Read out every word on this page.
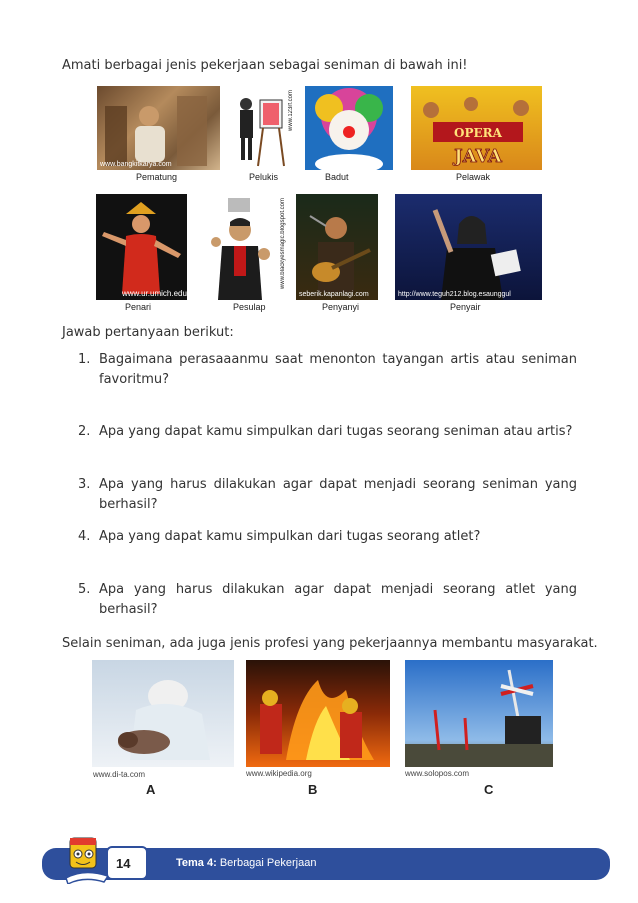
Amati berbagai jenis pekerjaan sebagai seniman di bawah ini!
www.bangkitkarya.com
Pematung
www.123rf.com
Pelukis	Badut
OPERA
JAVA
Pelawak
www.ur.umich.edu
Penari
www.blackyesmagic.blogspot.com
Pesulap
seberik.kapanlagi.com
Penyanyi
http://www.teguh212.blog.esaunggul
Penyair
Jawab pertanyaan berikut:
1. Bagaimana perasaaanmu saat menonton tayangan artis atau seniman favoritmu?
2. Apa yang dapat kamu simpulkan dari tugas seorang seniman atau artis?
3. Apa yang harus dilakukan agar dapat menjadi seorang seniman yang berhasil?
4. Apa yang dapat kamu simpulkan dari tugas seorang atlet?
5. Apa yang harus dilakukan agar dapat menjadi seorang atlet yang berhasil?
Selain seniman, ada juga jenis profesi yang pekerjaannya membantu masyarakat.
www.di-ta.com
A
www.wikipedia.org
B
www.solopos.com
C
14	Tema 4: Berbagai Pekerjaan
